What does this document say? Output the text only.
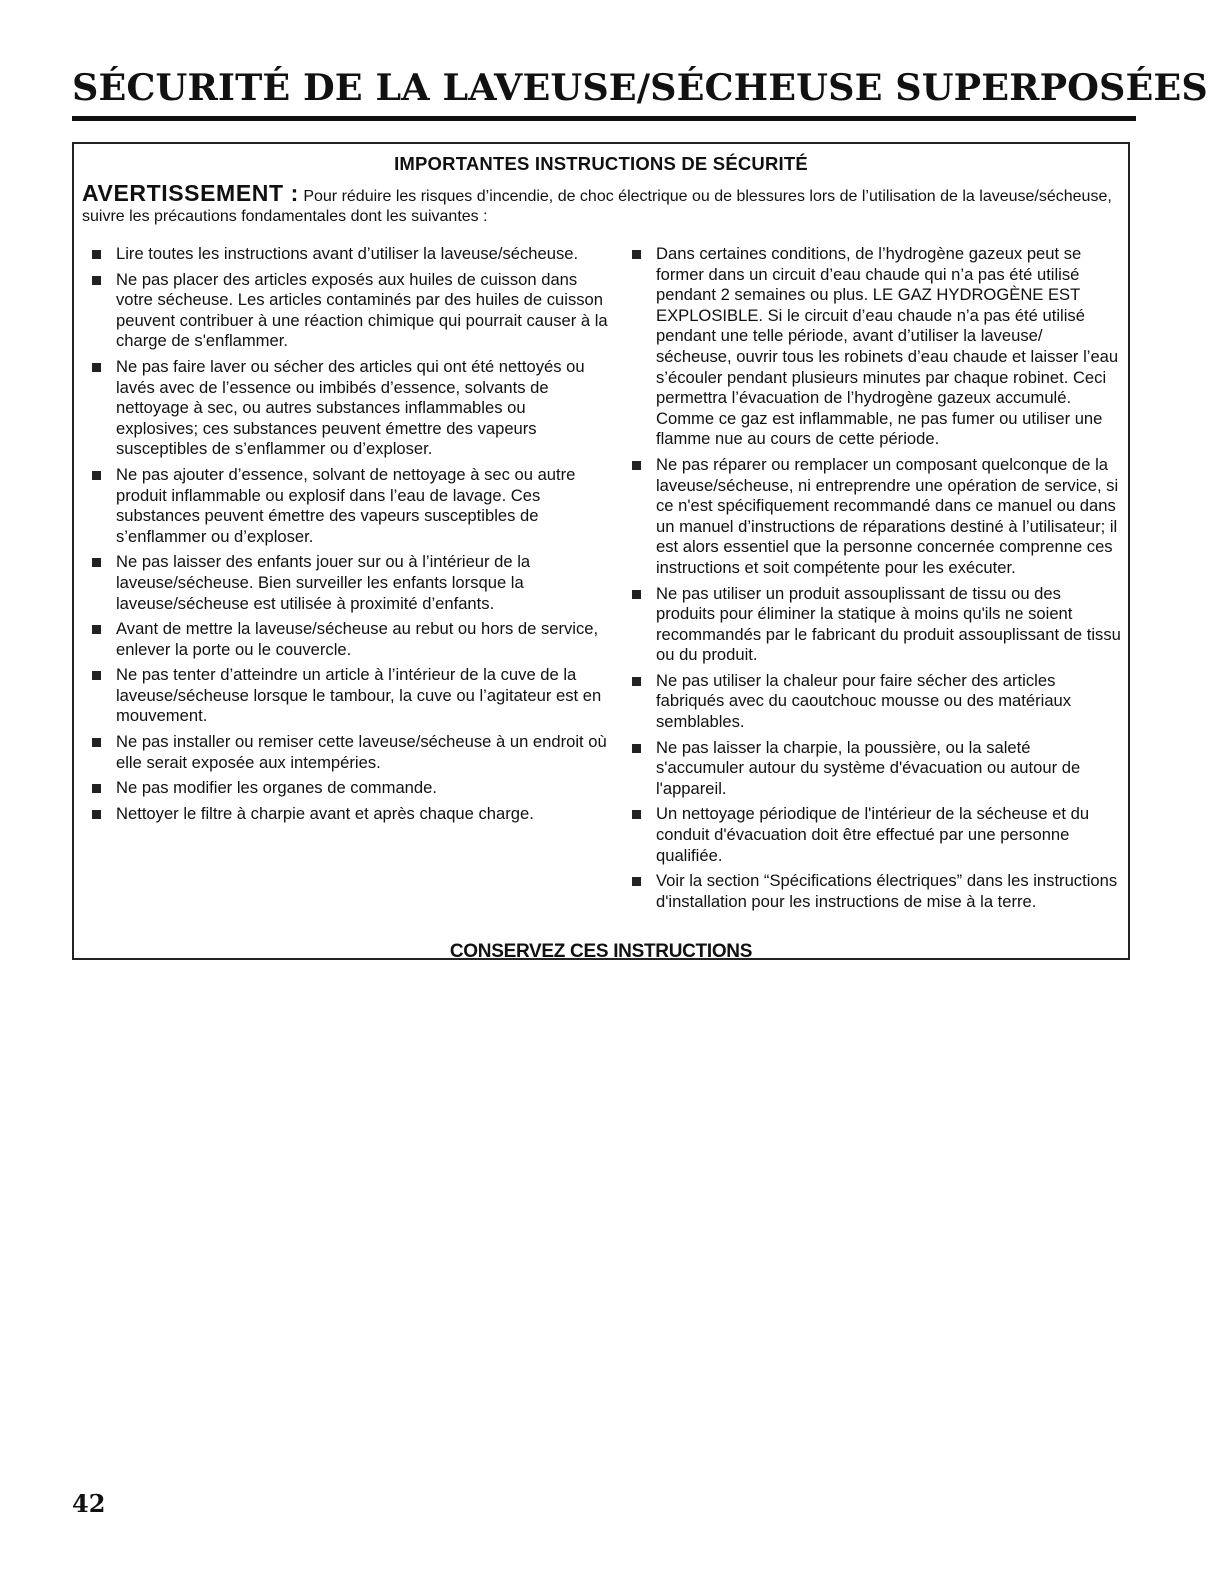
SÉCURITÉ DE LA LAVEUSE/SÉCHEUSE SUPERPOSÉES
IMPORTANTES INSTRUCTIONS DE SÉCURITÉ
AVERTISSEMENT : Pour réduire les risques d’incendie, de choc électrique ou de blessures lors de l’utilisation de la laveuse/sécheuse, suivre les précautions fondamentales dont les suivantes :
Lire toutes les instructions avant d’utiliser la laveuse/sécheuse.
Ne pas placer des articles exposés aux huiles de cuisson dans votre sécheuse. Les articles contaminés par des huiles de cuisson peuvent contribuer à une réaction chimique qui pourrait causer à la charge de s'enflammer.
Ne pas faire laver ou sécher des articles qui ont été nettoyés ou lavés avec de l’essence ou imbibés d’essence, solvants de nettoyage à sec, ou autres substances inflammables ou explosives; ces substances peuvent émettre des vapeurs susceptibles de s’enflammer ou d’exploser.
Ne pas ajouter d’essence, solvant de nettoyage à sec ou autre produit inflammable ou explosif dans l’eau de lavage. Ces substances peuvent émettre des vapeurs susceptibles de s’enflammer ou d’exploser.
Ne pas laisser des enfants jouer sur ou à l’intérieur de la laveuse/sécheuse. Bien surveiller les enfants lorsque la laveuse/sécheuse est utilisée à proximité d’enfants.
Avant de mettre la laveuse/sécheuse au rebut ou hors de service, enlever la porte ou le couvercle.
Ne pas tenter d’atteindre un article à l’intérieur de la cuve de la laveuse/sécheuse lorsque le tambour, la cuve ou l’agitateur est en mouvement.
Ne pas installer ou remiser cette laveuse/sécheuse à un endroit où elle serait exposée aux intempéries.
Ne pas modifier les organes de commande.
Nettoyer le filtre à charpie avant et après chaque charge.
Dans certaines conditions, de l’hydrogène gazeux peut se former dans un circuit d’eau chaude qui n’a pas été utilisé pendant 2 semaines ou plus. LE GAZ HYDROGÈNE EST EXPLOSIBLE. Si le circuit d’eau chaude n’a pas été utilisé pendant une telle période, avant d’utiliser la laveuse/ sécheuse, ouvrir tous les robinets d’eau chaude et laisser l’eau s’écouler pendant plusieurs minutes par chaque robinet. Ceci permettra l’évacuation de l’hydrogène gazeux accumulé. Comme ce gaz est inflammable, ne pas fumer ou utiliser une flamme nue au cours de cette période.
Ne pas réparer ou remplacer un composant quelconque de la laveuse/sécheuse, ni entreprendre une opération de service, si ce n'est spécifiquement recommandé dans ce manuel ou dans un manuel d’instructions de réparations destiné à l’utilisateur; il est alors essentiel que la personne concernée comprenne ces instructions et soit compétente pour les exécuter.
Ne pas utiliser un produit assouplissant de tissu ou des produits pour éliminer la statique à moins qu'ils ne soient recommandés par le fabricant du produit assouplissant de tissu ou du produit.
Ne pas utiliser la chaleur pour faire sécher des articles fabriqués avec du caoutchouc mousse ou des matériaux semblables.
Ne pas laisser la charpie, la poussière, ou la saleté s'accumuler autour du système d'évacuation ou autour de l'appareil.
Un nettoyage périodique de l'intérieur de la sécheuse et du conduit d'évacuation doit être effectué par une personne qualifiée.
Voir la section “Spécifications électriques” dans les instructions d'installation pour les instructions de mise à la terre.
CONSERVEZ CES INSTRUCTIONS
42
